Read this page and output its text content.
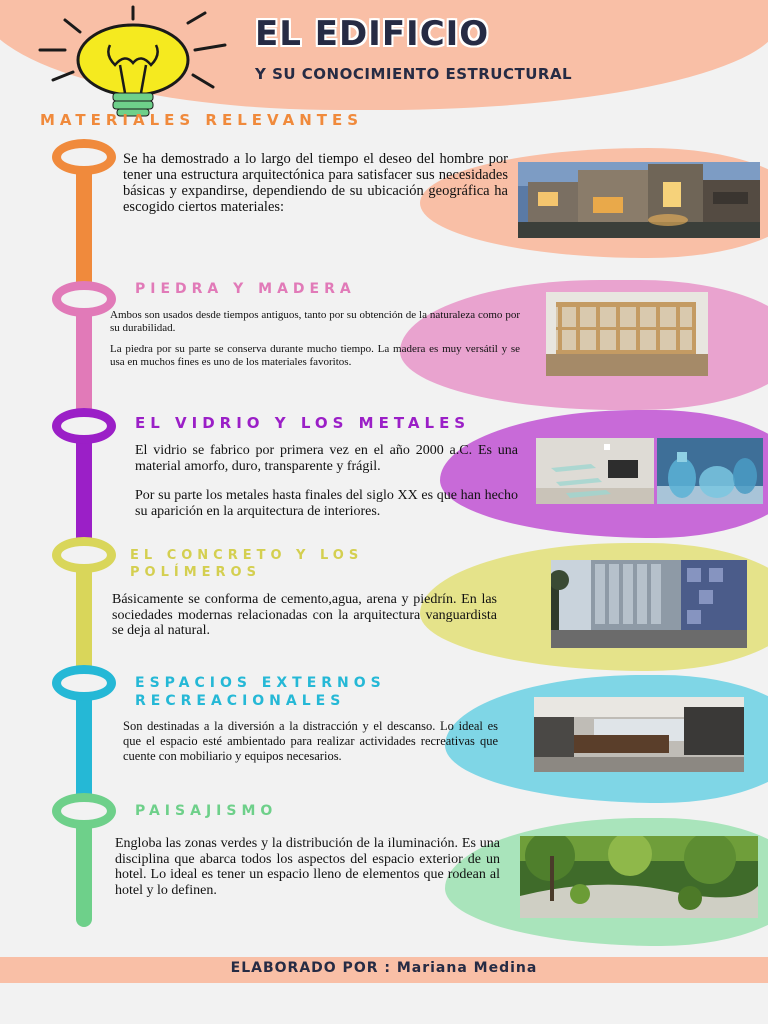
EL EDIFICIO
Y SU CONOCIMIENTO ESTRUCTURAL
MATERIALES RELEVANTES
Se ha demostrado a lo largo del tiempo el deseo del hombre por tener una estructura arquitectónica para satisfacer sus necesidades básicas y expandirse, dependiendo de su ubicación geográfica ha escogido ciertos materiales:
PIEDRA Y MADERA
Ambos son usados desde tiempos antiguos, tanto por su obtención de la naturaleza como por su durabilidad.
La piedra por su parte se conserva durante mucho tiempo. La madera es muy versátil y se usa en muchos fines es uno de los materiales favoritos.
EL VIDRIO Y LOS METALES
El vidrio se fabrico por primera vez en el año 2000 a.C. Es una material amorfo, duro, transparente y frágil.
Por su parte los metales hasta finales del siglo XX es que han hecho su aparición en la arquitectura de interiores.
EL CONCRETO Y LOS
POLÍMEROS
Básicamente se conforma de cemento,agua, arena y piedrín. En las sociedades modernas relacionadas con la arquitectura vanguardista se deja al natural.
ESPACIOS EXTERNOS
RECREACIONALES
Son destinadas a la diversión a la distracción y el descanso. Lo ideal es que el espacio esté ambientado para realizar actividades recreativas que cuente con mobiliario y equipos necesarios.
PAISAJISMO
Engloba las zonas verdes y la distribución de la iluminación. Es una disciplina que abarca todos los aspectos del espacio exterior de un hotel. Lo ideal es tener un espacio lleno de elementos que rodean al hotel y lo definen.
ELABORADO POR : Mariana Medina
